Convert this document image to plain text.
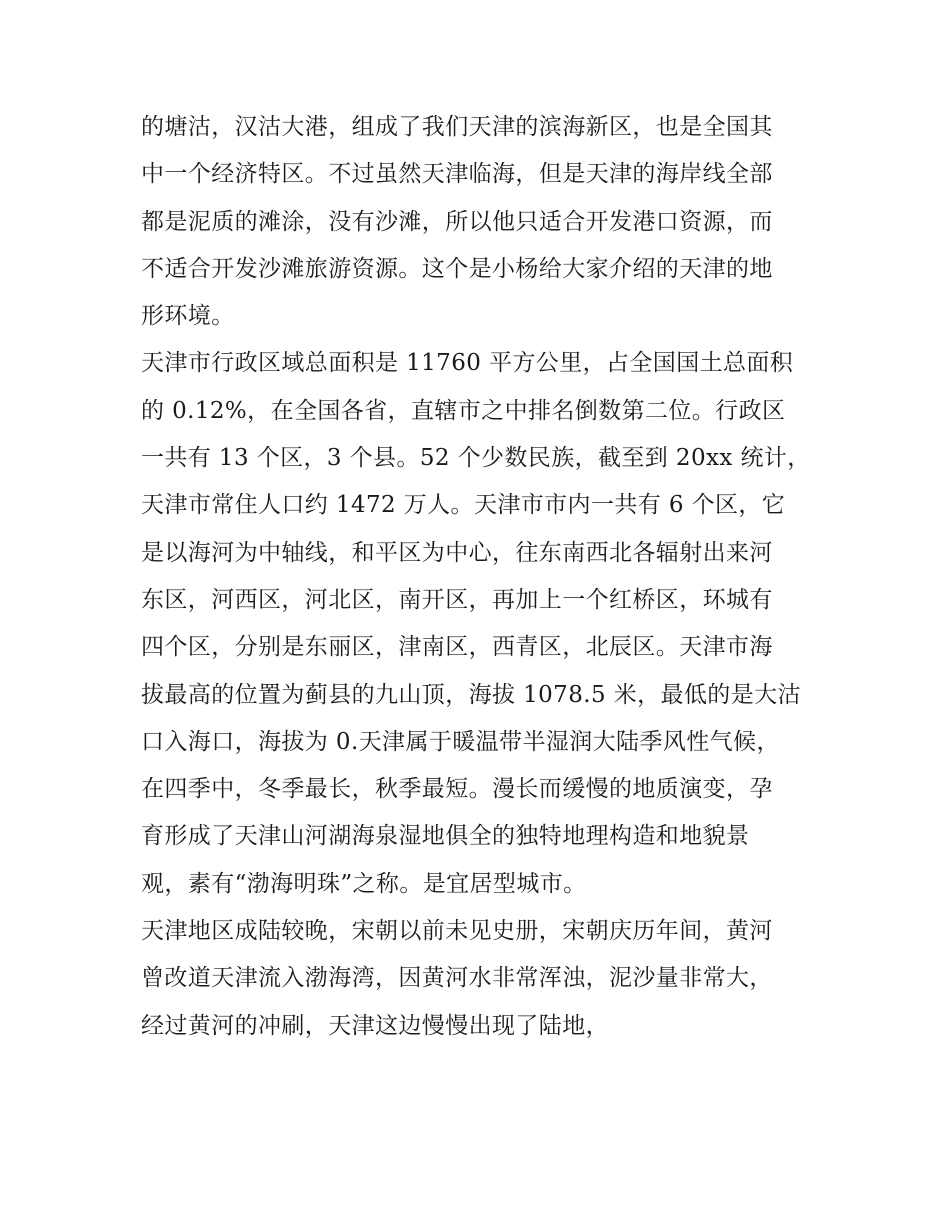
的塘沽，汉沽大港，组成了我们天津的滨海新区，也是全国其
中一个经济特区。不过虽然天津临海，但是天津的海岸线全部
都是泥质的滩涂，没有沙滩，所以他只适合开发港口资源，而
不适合开发沙滩旅游资源。这个是小杨给大家介绍的天津的地
形环境。
天津市行政区域总面积是 11760 平方公里，占全国国土总面积
的 0.12%，在全国各省，直辖市之中排名倒数第二位。行政区
一共有 13 个区，3 个县。52 个少数民族，截至到 20xx 统计，
天津市常住人口约 1472 万人。天津市市内一共有 6 个区，它
是以海河为中轴线，和平区为中心，往东南西北各辐射出来河
东区，河西区，河北区，南开区，再加上一个红桥区，环城有
四个区，分别是东丽区，津南区，西青区，北辰区。天津市海
拔最高的位置为蓟县的九山顶，海拔 1078.5 米，最低的是大沽
口入海口，海拔为 0.天津属于暖温带半湿润大陆季风性气候，
在四季中，冬季最长，秋季最短。漫长而缓慢的地质演变，孕
育形成了天津山河湖海泉湿地俱全的独特地理构造和地貌景
观，素有“渤海明珠”之称。是宜居型城市。
天津地区成陆较晚，宋朝以前未见史册，宋朝庆历年间，黄河
曾改道天津流入渤海湾，因黄河水非常浑浊，泥沙量非常大，
经过黄河的冲刷，天津这边慢慢出现了陆地，
